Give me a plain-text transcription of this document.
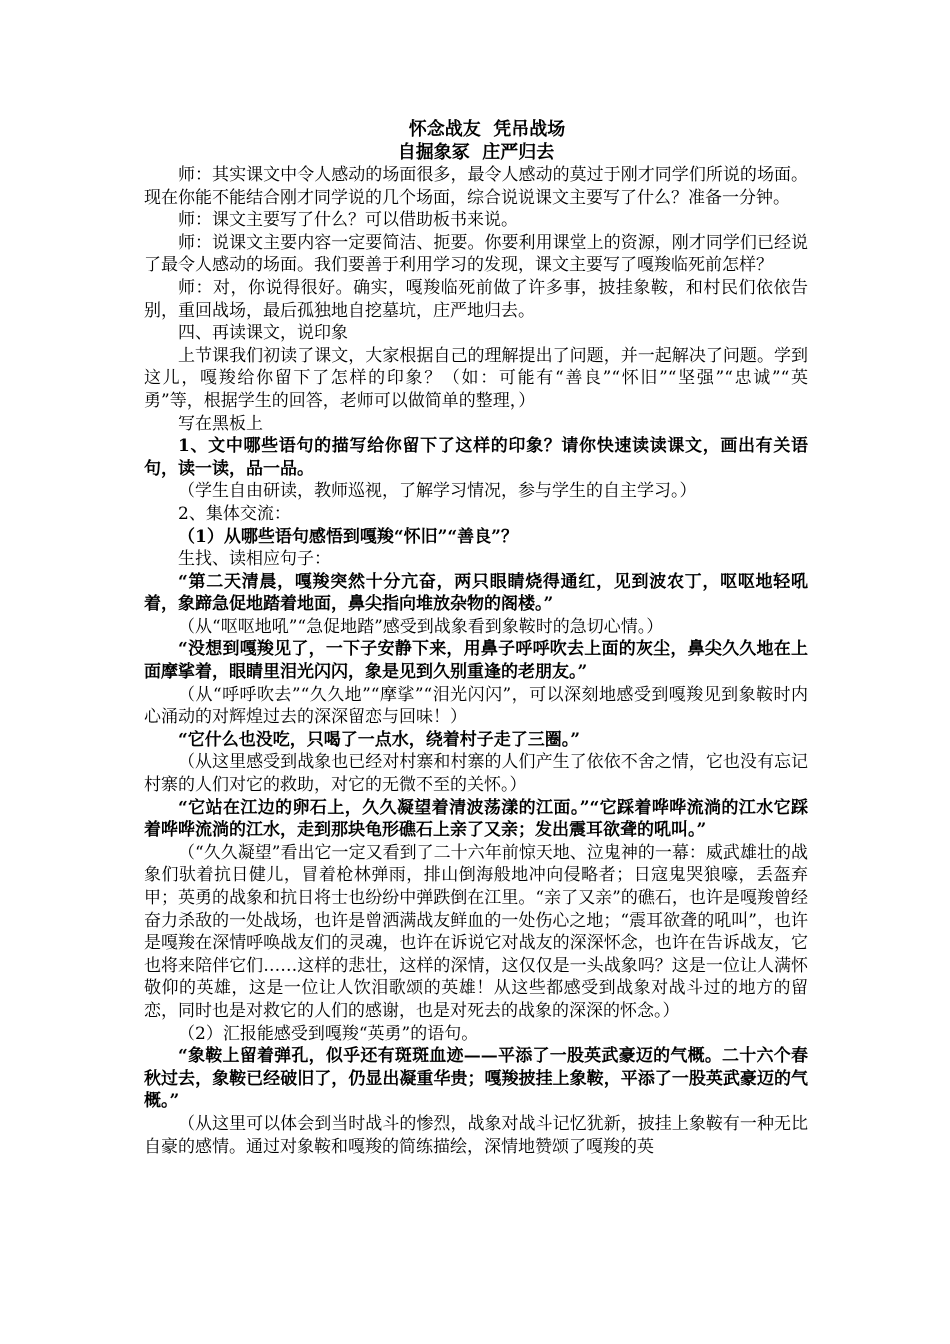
怀念战友  凭吊战场
自掘象冢  庄严归去

师：其实课文中令人感动的场面很多，最令人感动的莫过于刚才同学们所说的场面。现在你能不能结合刚才同学说的几个场面，综合说说课文主要写了什么？准备一分钟。

师：课文主要写了什么？可以借助板书来说。

师：说课文主要内容一定要简洁、扼要。你要利用课堂上的资源，刚才同学们已经说了最令人感动的场面。我们要善于利用学习的发现，课文主要写了嘎羧临死前怎样？

师：对，你说得很好。确实，嘎羧临死前做了许多事，披挂象鞍，和村民们依依告别，重回战场，最后孤独地自挖墓坑，庄严地归去。

四、再读课文，说印象

上节课我们初读了课文，大家根据自己的理解提出了问题，并一起解决了问题。学到这儿，嘎羧给你留下了怎样的印象？（如：可能有“善良”“怀旧”“坚强”“忠诚”“英勇”等，根据学生的回答，老师可以做简单的整理，）

写在黑板上

1、文中哪些语句的描写给你留下了这样的印象？请你快速读读课文，画出有关语句，读一读，品一品。

（学生自由研读，教师巡视，了解学习情况，参与学生的自主学习。）

2、集体交流：

（1）从哪些语句感悟到嘎羧“怀旧”“善良”？

生找、读相应句子：

“第二天清晨，嘎羧突然十分亢奋，两只眼睛烧得通红，见到波农丁，呕呕地轻吼着，象蹄急促地踏着地面，鼻尖指向堆放杂物的阁楼。”

（从“呕呕地吼”“急促地踏”感受到战象看到象鞍时的急切心情。）

“没想到嘎羧见了，一下子安静下来，用鼻子呼呼吹去上面的灰尘，鼻尖久久地在上面摩挲着，眼睛里泪光闪闪，象是见到久别重逢的老朋友。”

（从“呼呼吹去”“久久地”“摩挲”“泪光闪闪”，可以深刻地感受到嘎羧见到象鞍时内心涌动的对辉煌过去的深深留恋与回味！）

“它什么也没吃，只喝了一点水，绕着村子走了三圈。”

（从这里感受到战象也已经对村寨和村寨的人们产生了依依不舍之情，它也没有忘记村寨的人们对它的救助，对它的无微不至的关怀。）

“它站在江边的卵石上，久久凝望着清波荡漾的江面。”“它踩着哗哗流淌的江水它踩着哗哗流淌的江水，走到那块龟形礁石上亲了又亲；发出震耳欲聋的吼叫。”

（“久久凝望”看出它一定又看到了二十六年前惊天地、泣鬼神的一幕：威武雄壮的战象们驮着抗日健儿，冒着枪林弹雨，排山倒海般地冲向侵略者；日寇鬼哭狼嚎，丢盔弃甲；英勇的战象和抗日将士也纷纷中弹跌倒在江里。“亲了又亲”的礁石，也许是嘎羧曾经奋力杀敌的一处战场，也许是曾洒满战友鲜血的一处伤心之地；“震耳欲聋的吼叫”，也许是嘎羧在深情呼唤战友们的灵魂，也许在诉说它对战友的深深怀念，也许在告诉战友，它也将来陪伴它们……这样的悲壮，这样的深情，这仅仅是一头战象吗？这是一位让人满怀敬仰的英雄，这是一位让人饮泪歌颂的英雄！从这些都感受到战象对战斗过的地方的留恋，同时也是对救它的人们的感谢，也是对死去的战象的深深的怀念。）

（2）汇报能感受到嘎羧“英勇”的语句。

“象鞍上留着弹孔，似乎还有斑斑血迹——平添了一股英武豪迈的气概。二十六个春秋过去，象鞍已经破旧了，仍显出凝重华贵；嘎羧披挂上象鞍，平添了一股英武豪迈的气概。”

（从这里可以体会到当时战斗的惨烈，战象对战斗记忆犹新，披挂上象鞍有一种无比自豪的感情。通过对象鞍和嘎羧的简练描绘，深情地赞颂了嘎羧的英
